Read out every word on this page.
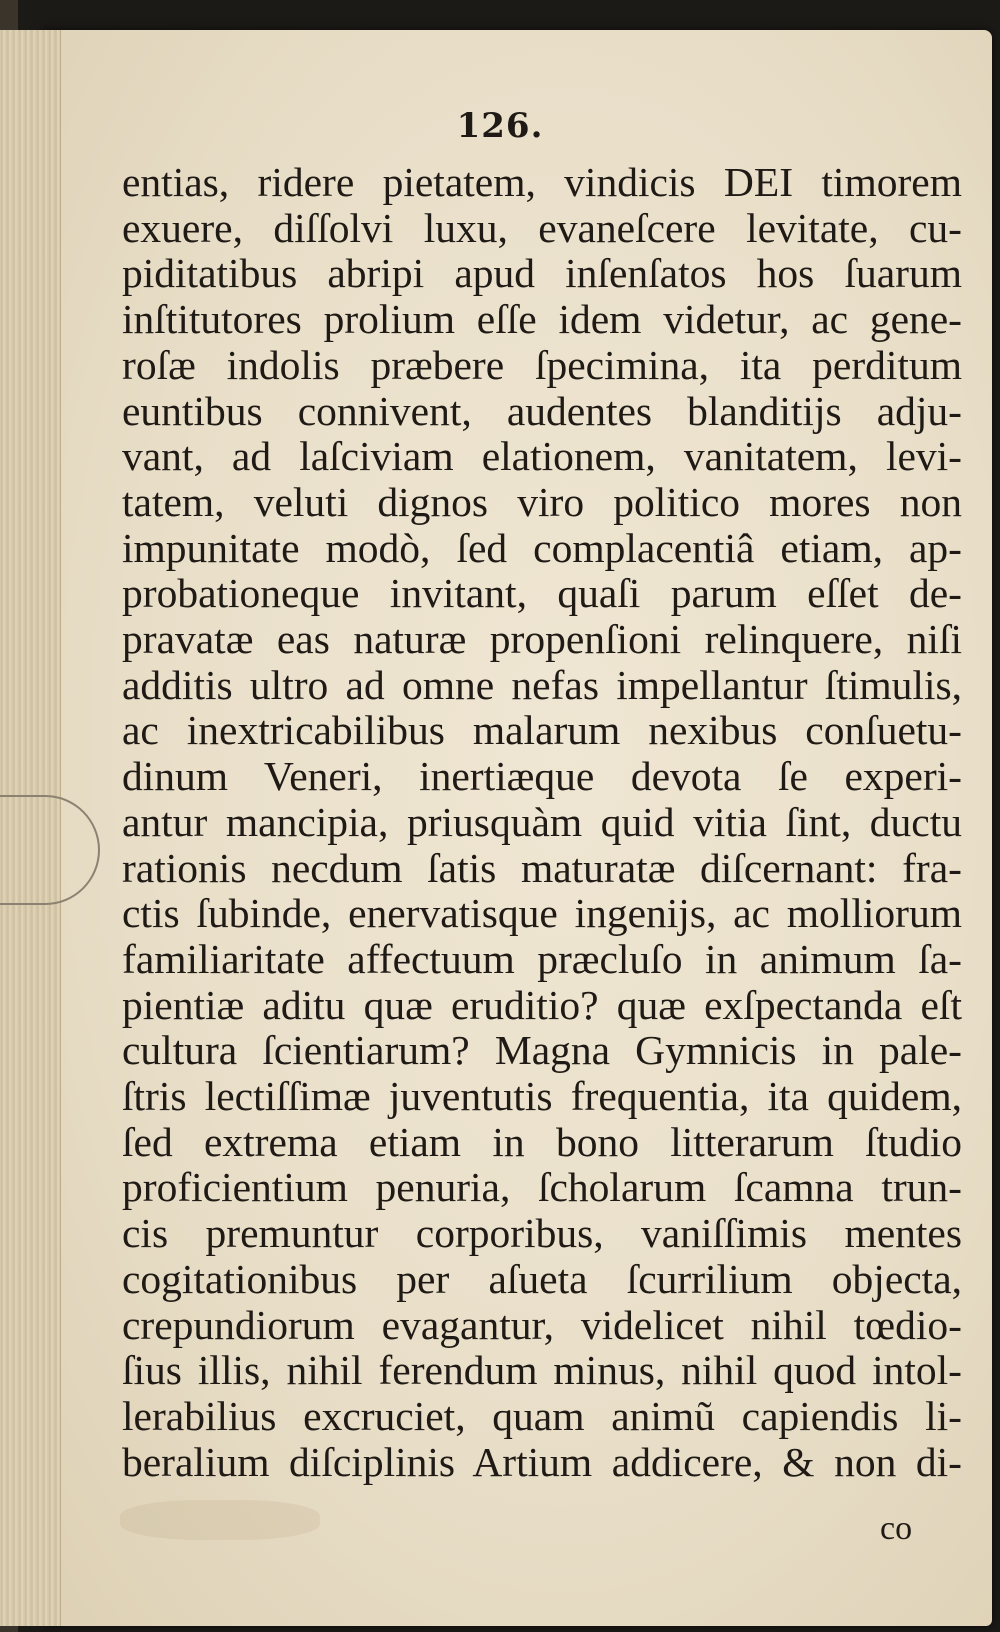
126.
entias, ridere pietatem, vindicis DEI timorem
exuere, diſſolvi luxu, evaneſcere levitate, cu-
piditatibus abripi apud inſenſatos hos ſuarum
inſtitutores prolium eſſe idem videtur, ac gene-
roſæ indolis præbere ſpecimina, ita perditum
euntibus connivent, audentes blanditijs adju-
vant, ad laſciviam elationem, vanitatem, levi-
tatem, veluti dignos viro politico mores non
impunitate modò, ſed complacentiâ etiam, ap-
probationeque invitant, quaſi parum eſſet de-
pravatæ eas naturæ propenſioni relinquere, niſi
additis ultro ad omne nefas impellantur ſtimulis,
ac inextricabilibus malarum nexibus conſuetu-
dinum Veneri, inertiæque devota ſe experi-
antur mancipia, priusquàm quid vitia ſint, ductu
rationis necdum ſatis maturatæ diſcernant: fra-
ctis ſubinde, enervatisque ingenijs, ac molliorum
familiaritate affectuum præcluſo in animum ſa-
pientiæ aditu quæ eruditio? quæ exſpectanda eſt
cultura ſcientiarum? Magna Gymnicis in pale-
ſtris lectiſſimæ juventutis frequentia, ita quidem,
ſed extrema etiam in bono litterarum ſtudio
proficientium penuria, ſcholarum ſcamna trun-
cis premuntur corporibus, vaniſſimis mentes
cogitationibus per aſueta ſcurrilium objecta,
crepundiorum evagantur, videlicet nihil tœdio-
ſius illis, nihil ferendum minus, nihil quod intol-
lerabilius excruciet, quam animũ capiendis li-
beralium diſciplinis Artium addicere, & non di-
co
